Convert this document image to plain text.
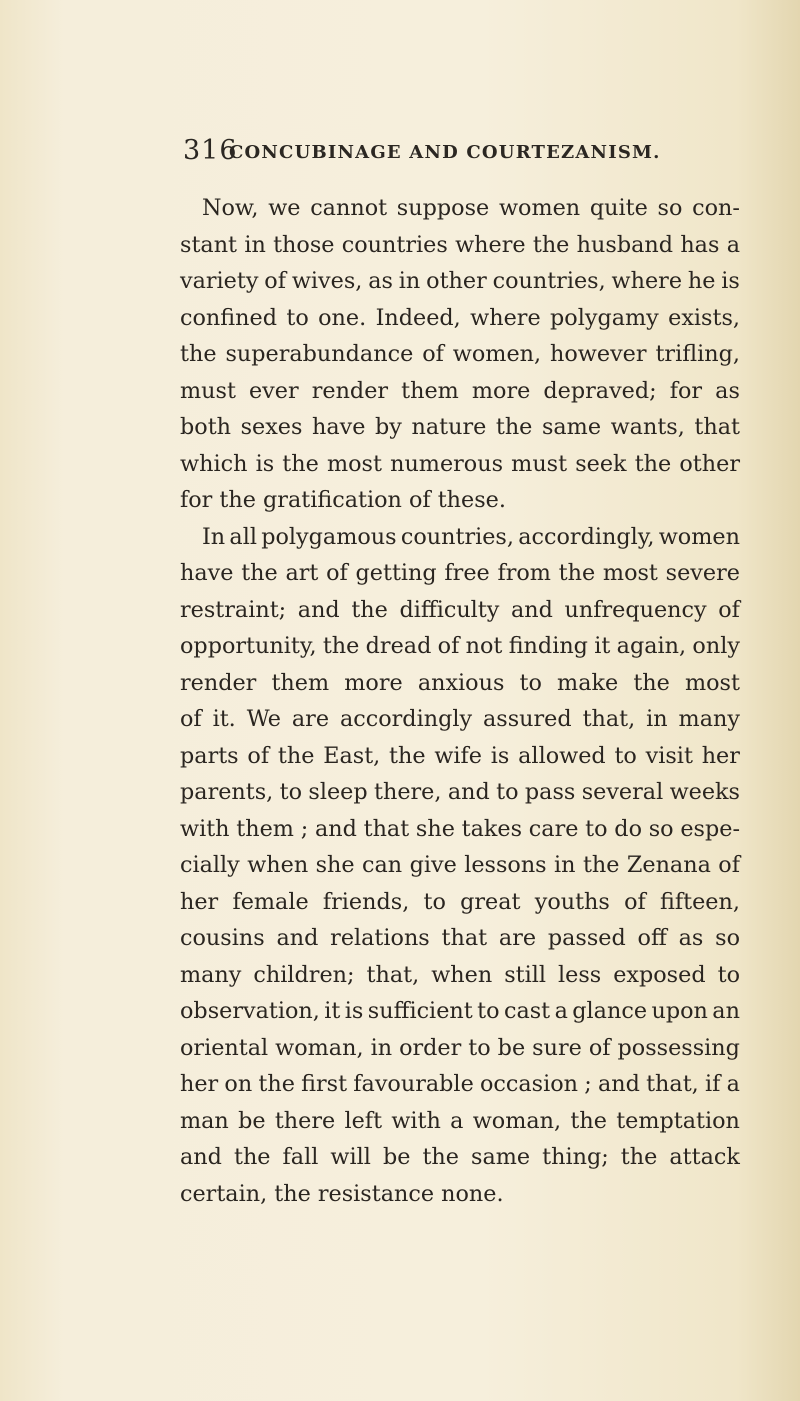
316
CONCUBINAGE AND COURTEZANISM.
Now, we cannot suppose women quite so con-
stant in those countries where the husband has a
variety of wives, as in other countries, where he is
confined to one. Indeed, where polygamy exists,
the superabundance of women, however trifling,
must ever render them more depraved; for as
both sexes have by nature the same wants, that
which is the most numerous must seek the other
for the gratification of these.
In all polygamous countries, accordingly, women
have the art of getting free from the most severe
restraint; and the difficulty and unfrequency of
opportunity, the dread of not finding it again, only
render them more anxious to make the most
of it. We are accordingly assured that, in many
parts of the East, the wife is allowed to visit her
parents, to sleep there, and to pass several weeks
with them ; and that she takes care to do so espe-
cially when she can give lessons in the Zenana of
her female friends, to great youths of fifteen,
cousins and relations that are passed off as so
many children; that, when still less exposed to
observation, it is sufficient to cast a glance upon an
oriental woman, in order to be sure of possessing
her on the first favourable occasion ; and that, if a
man be there left with a woman, the temptation
and the fall will be the same thing; the attack
certain, the resistance none.
